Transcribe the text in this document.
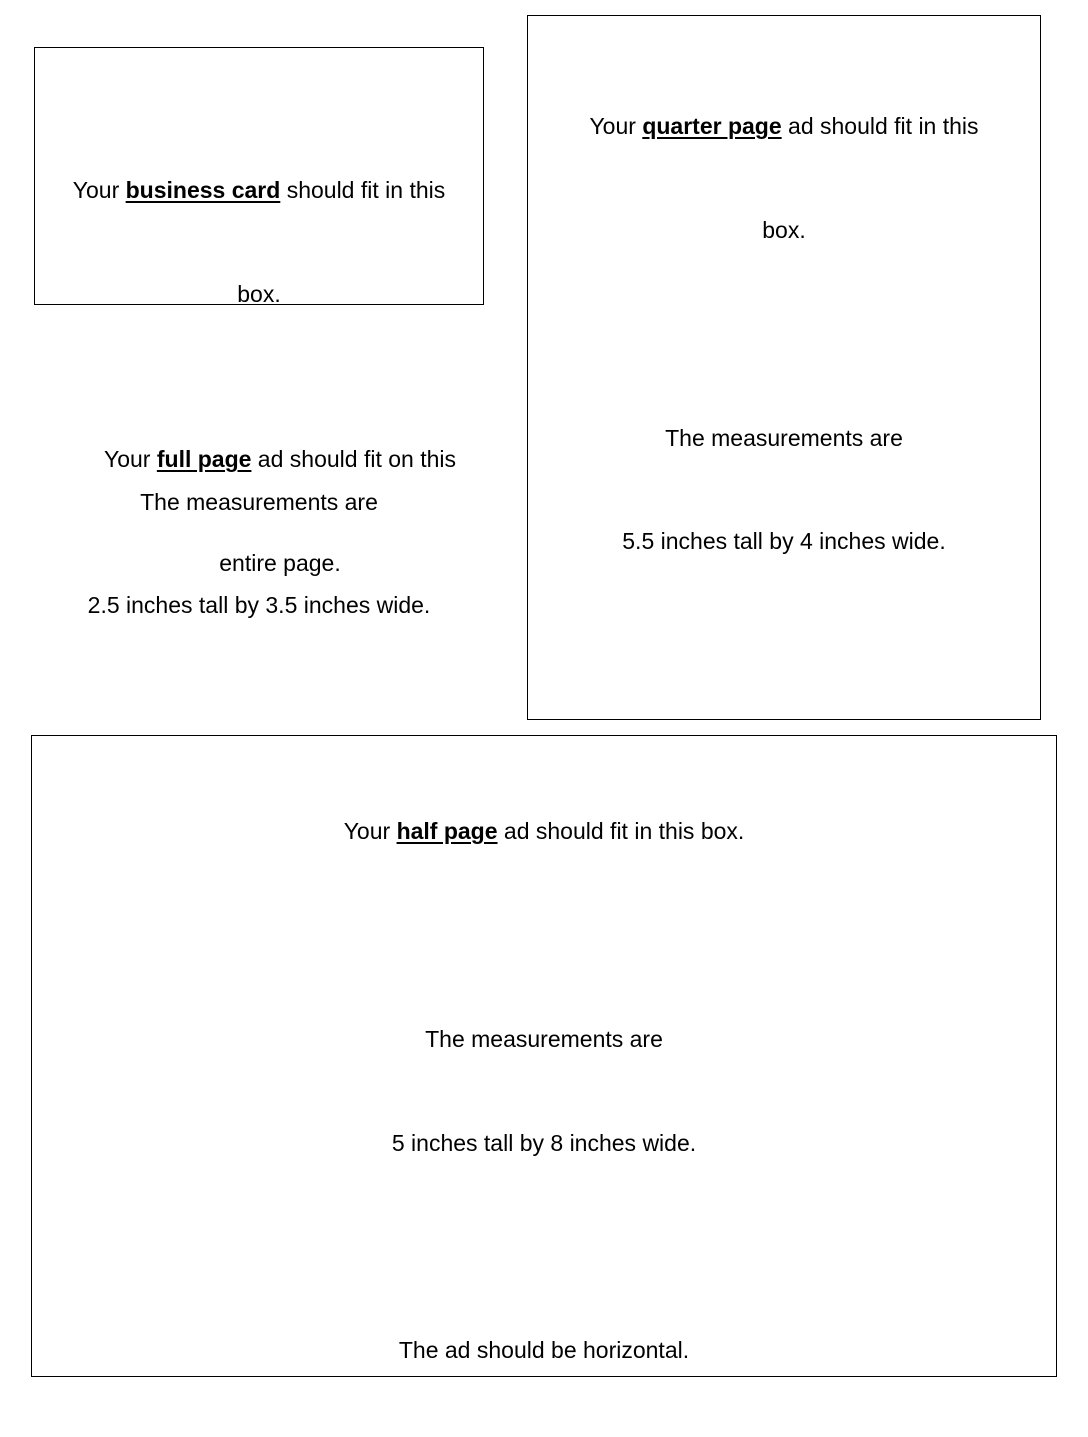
Your business card should fit in this

box.

The measurements are

2.5 inches tall by 3.5 inches wide.

Your quarter page ad should fit in this

box.

The measurements are

5.5 inches tall by 4 inches wide.

Your full page ad should fit on this

entire page.

Your half page ad should fit in this box.

The measurements are

5 inches tall by 8 inches wide.

The ad should be horizontal.
